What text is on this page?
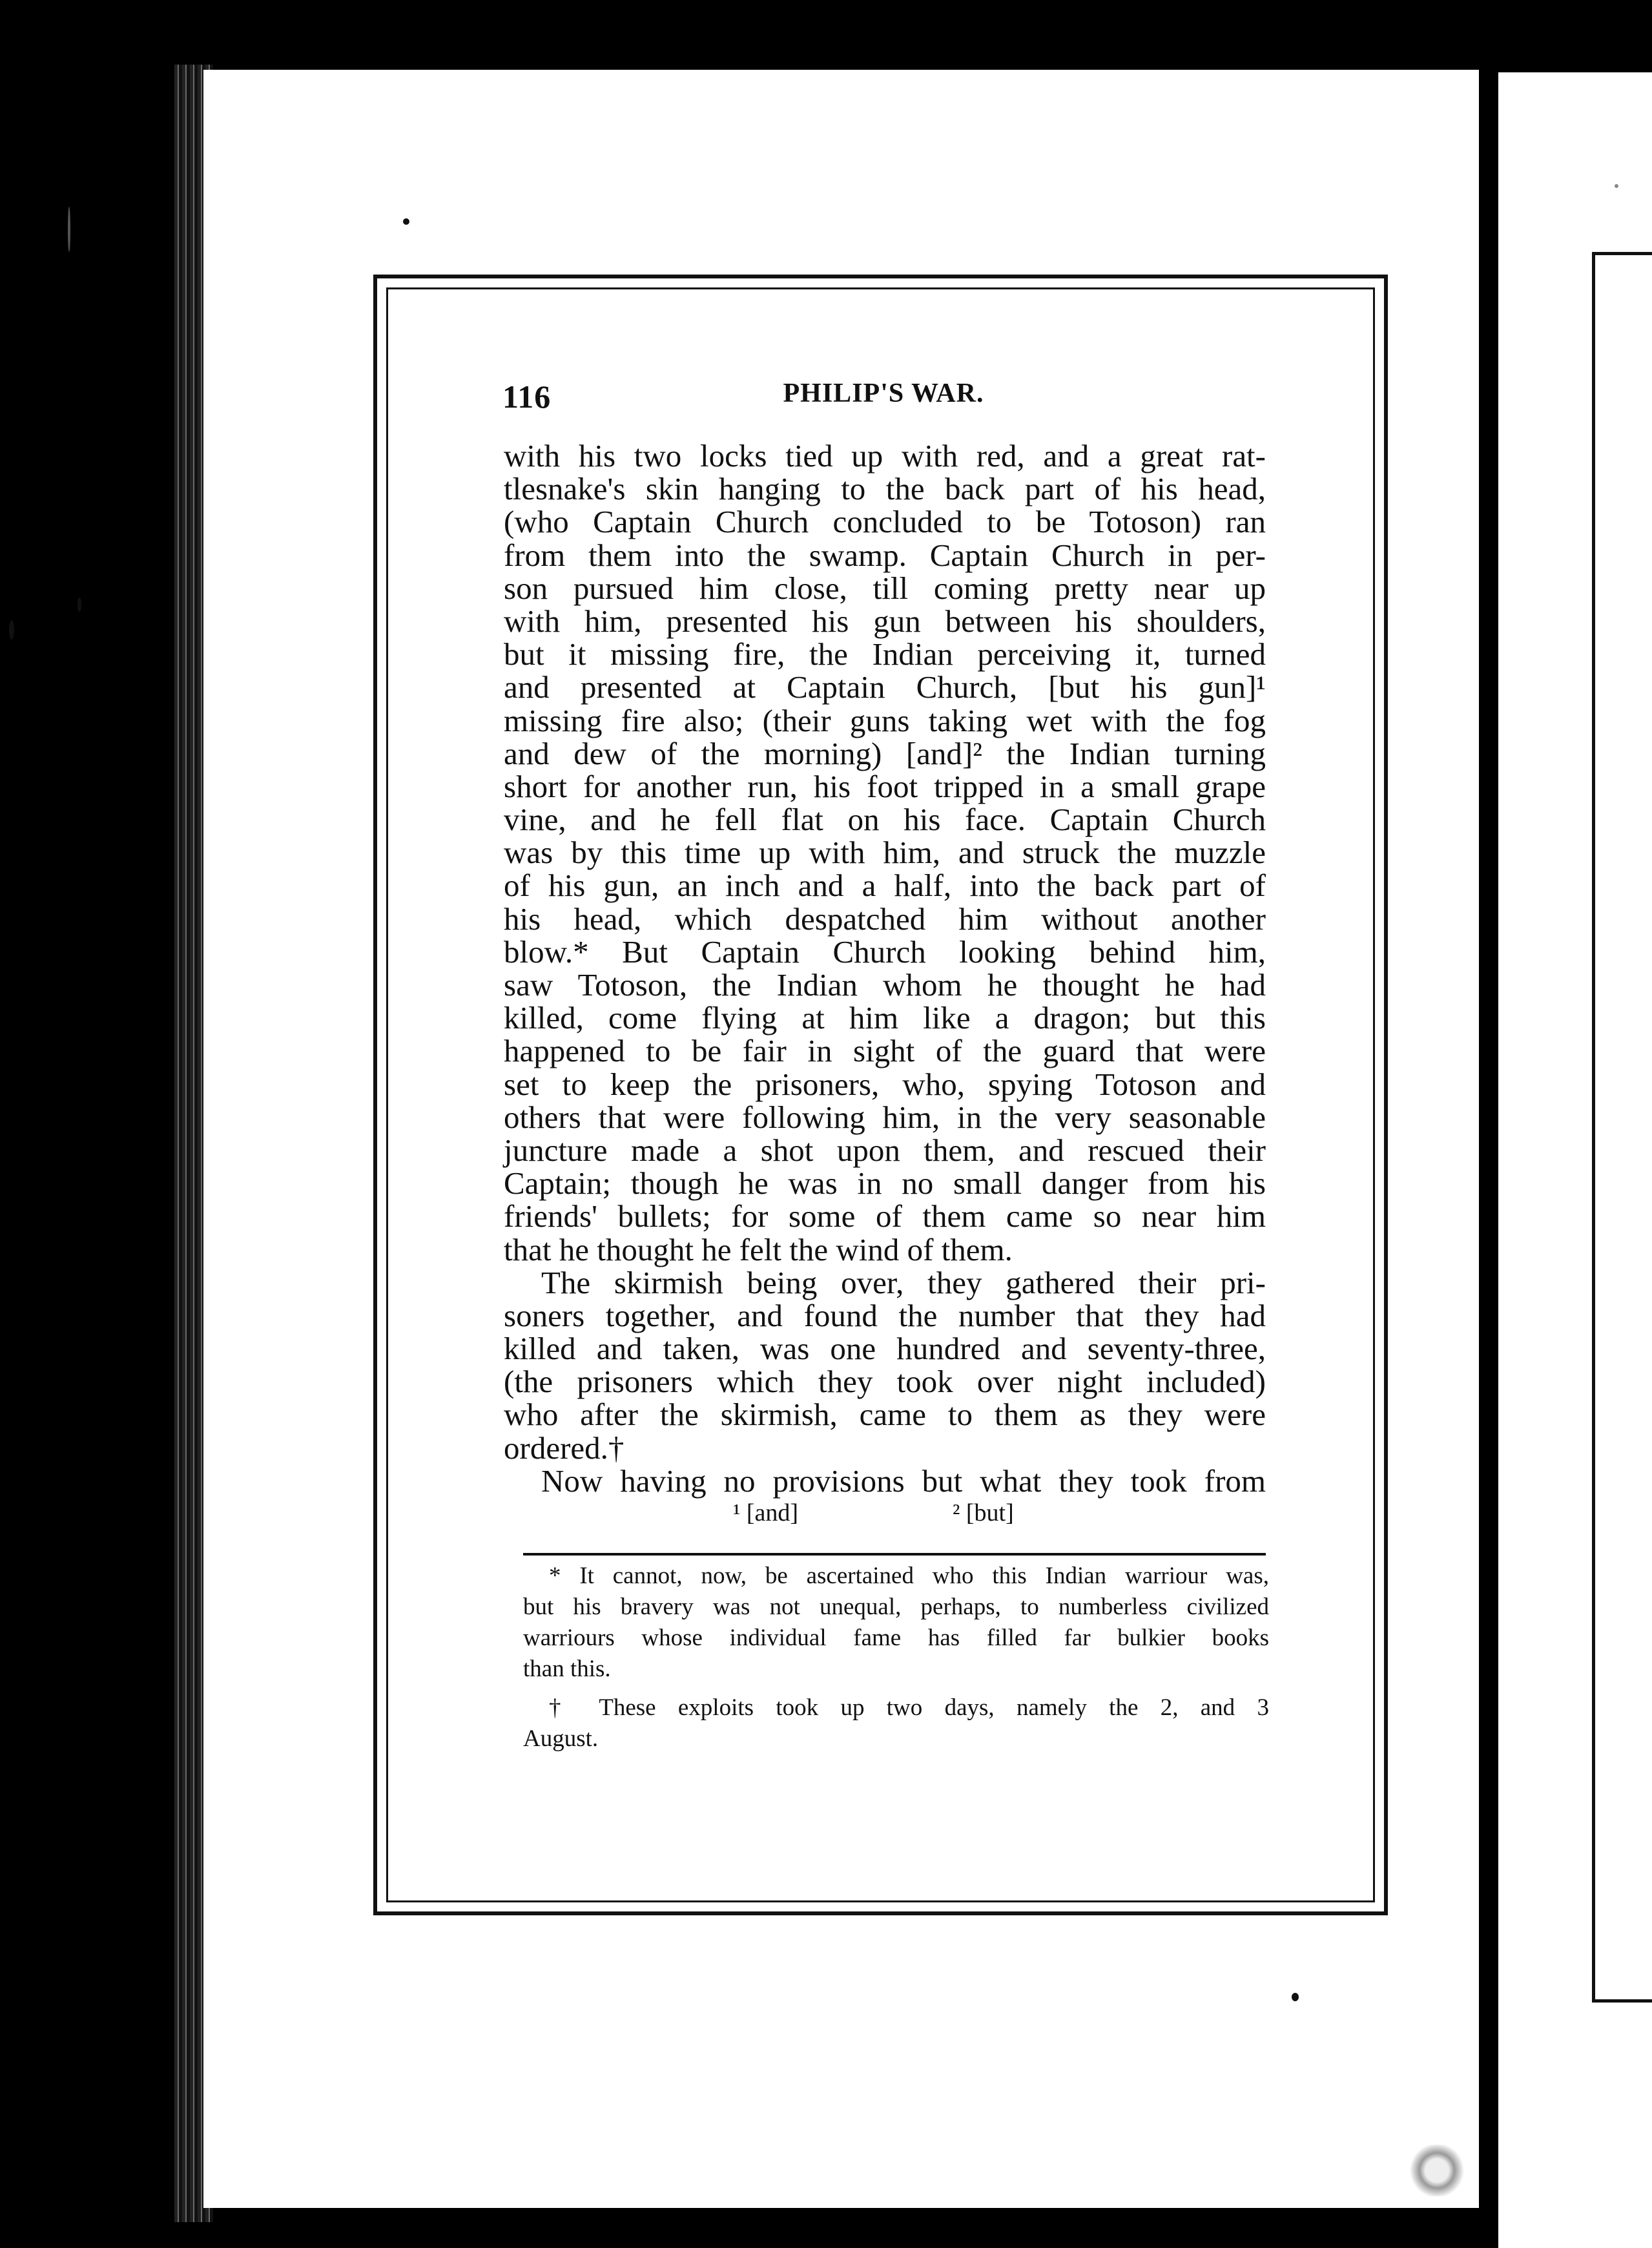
116	PHILIP'S WAR.
with his two locks tied up with red, and a great rat-
tlesnake's skin hanging to the back part of his head,
(who Captain Church concluded to be Totoson) ran
from them into the swamp. Captain Church in per-
son pursued him close, till coming pretty near up
with him, presented his gun between his shoulders,
but it missing fire, the Indian perceiving it, turned
and presented at Captain Church, [but his gun]¹
missing fire also; (their guns taking wet with the fog
and dew of the morning) [and]² the Indian turning
short for another run, his foot tripped in a small grape
vine, and he fell flat on his face. Captain Church
was by this time up with him, and struck the muzzle
of his gun, an inch and a half, into the back part of
his head, which despatched him without another
blow.* But Captain Church looking behind him,
saw Totoson, the Indian whom he thought he had
killed, come flying at him like a dragon; but this
happened to be fair in sight of the guard that were
set to keep the prisoners, who, spying Totoson and
others that were following him, in the very seasonable
juncture made a shot upon them, and rescued their
Captain; though he was in no small danger from his
friends' bullets; for some of them came so near him
that he thought he felt the wind of them.
The skirmish being over, they gathered their pri-
soners together, and found the number that they had
killed and taken, was one hundred and seventy-three,
(the prisoners which they took over night included)
who after the skirmish, came to them as they were
ordered.†
Now having no provisions but what they took from
¹ [and]	² [but]
* It cannot, now, be ascertained who this Indian warriour was,
but his bravery was not unequal, perhaps, to numberless civilized
warriours whose individual fame has filled far bulkier books
than this.
† These exploits took up two days, namely the 2, and 3
August.
